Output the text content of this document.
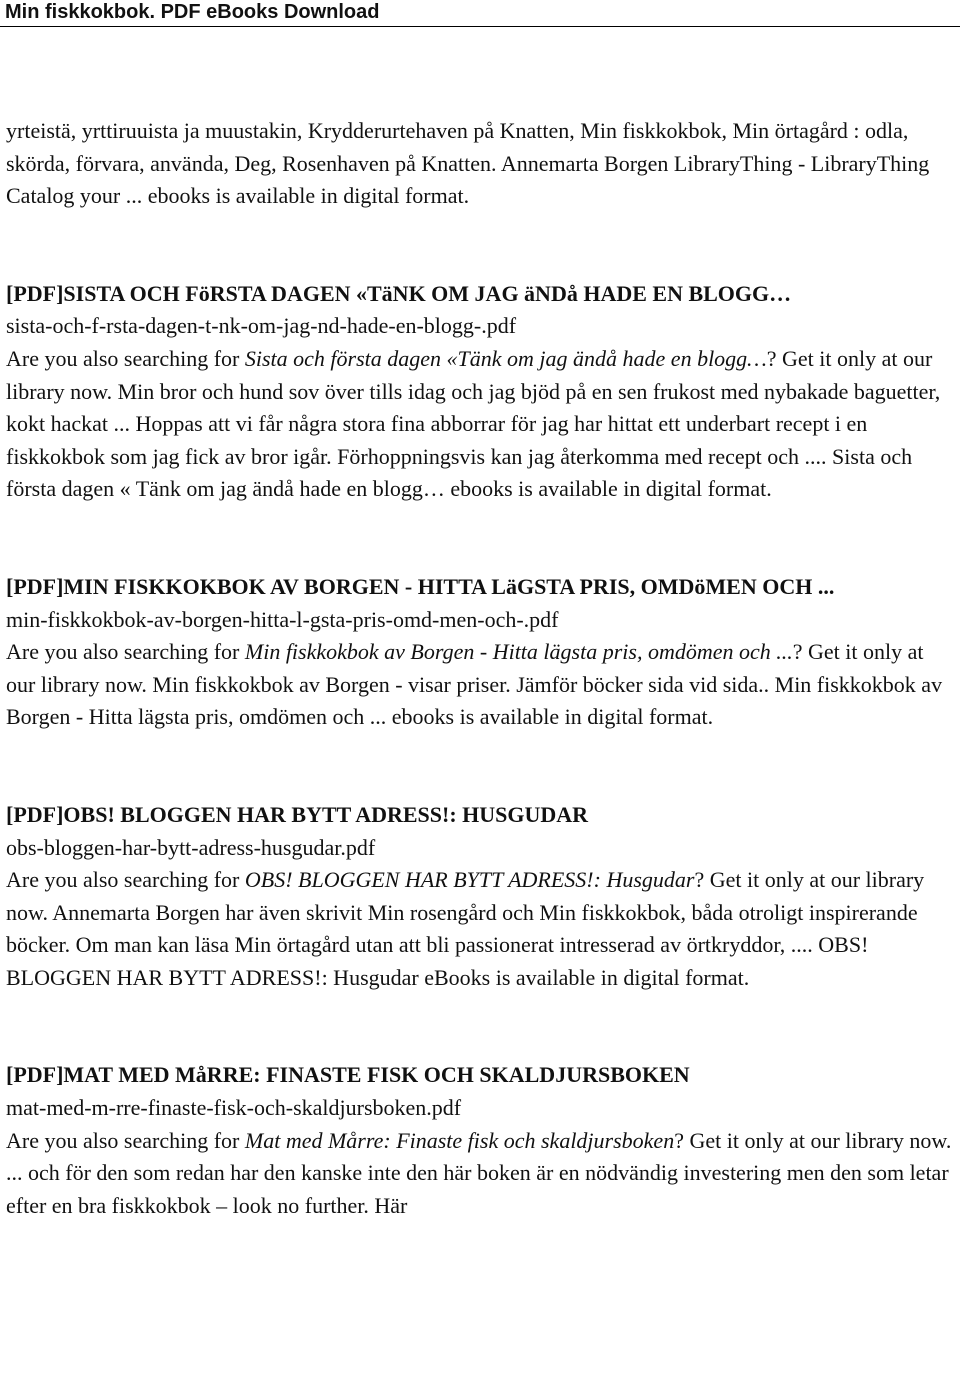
Min fiskkokbok. PDF eBooks Download

yrteistä, yrttiruuista ja muustakin, Krydderurtehaven på Knatten, Min fiskkokbok, Min örtagård : odla, skörda, förvara, använda, Deg, Rosenhaven på Knatten. Annemarta Borgen LibraryThing - LibraryThing Catalog your ... ebooks is available in digital format.

[PDF]SISTA OCH FöRSTA DAGEN «TäNK OM JAG äNDå HADE EN BLOGG…

sista-och-f-rsta-dagen-t-nk-om-jag-nd-hade-en-blogg-.pdf

Are you also searching for Sista och första dagen «Tänk om jag ändå hade en blogg…? Get it only at our library now. Min bror och hund sov över tills idag och jag bjöd på en sen frukost med nybakade baguetter, kokt hackat ... Hoppas att vi får några stora fina abborrar för jag har hittat ett underbart recept i en fiskkokbok som jag fick av bror igår. Förhoppningsvis kan jag återkomma med recept och .... Sista och första dagen « Tänk om jag ändå hade en blogg… ebooks is available in digital format.

[PDF]MIN FISKKOKBOK AV BORGEN - HITTA LäGSTA PRIS, OMDöMEN OCH ...

min-fiskkokbok-av-borgen-hitta-l-gsta-pris-omd-men-och-.pdf

Are you also searching for Min fiskkokbok av Borgen - Hitta lägsta pris, omdömen och ...? Get it only at our library now. Min fiskkokbok av Borgen - visar priser. Jämför böcker sida vid sida.. Min fiskkokbok av Borgen - Hitta lägsta pris, omdömen och ... ebooks is available in digital format.

[PDF]OBS! BLOGGEN HAR BYTT ADRESS!: HUSGUDAR

obs-bloggen-har-bytt-adress-husgudar.pdf

Are you also searching for OBS! BLOGGEN HAR BYTT ADRESS!: Husgudar? Get it only at our library now. Annemarta Borgen har även skrivit Min rosengård och Min fiskkokbok, båda otroligt inspirerande böcker. Om man kan läsa Min örtagård utan att bli passionerat intresserad av örtkryddor, .... OBS! BLOGGEN HAR BYTT ADRESS!: Husgudar eBooks is available in digital format.

[PDF]MAT MED MåRRE: FINASTE FISK OCH SKALDJURSBOKEN

mat-med-m-rre-finaste-fisk-och-skaldjursboken.pdf

Are you also searching for Mat med Mårre: Finaste fisk och skaldjursboken? Get it only at our library now. ... och för den som redan har den kanske inte den här boken är en nödvändig investering men den som letar efter en bra fiskkokbok – look no further. Här
